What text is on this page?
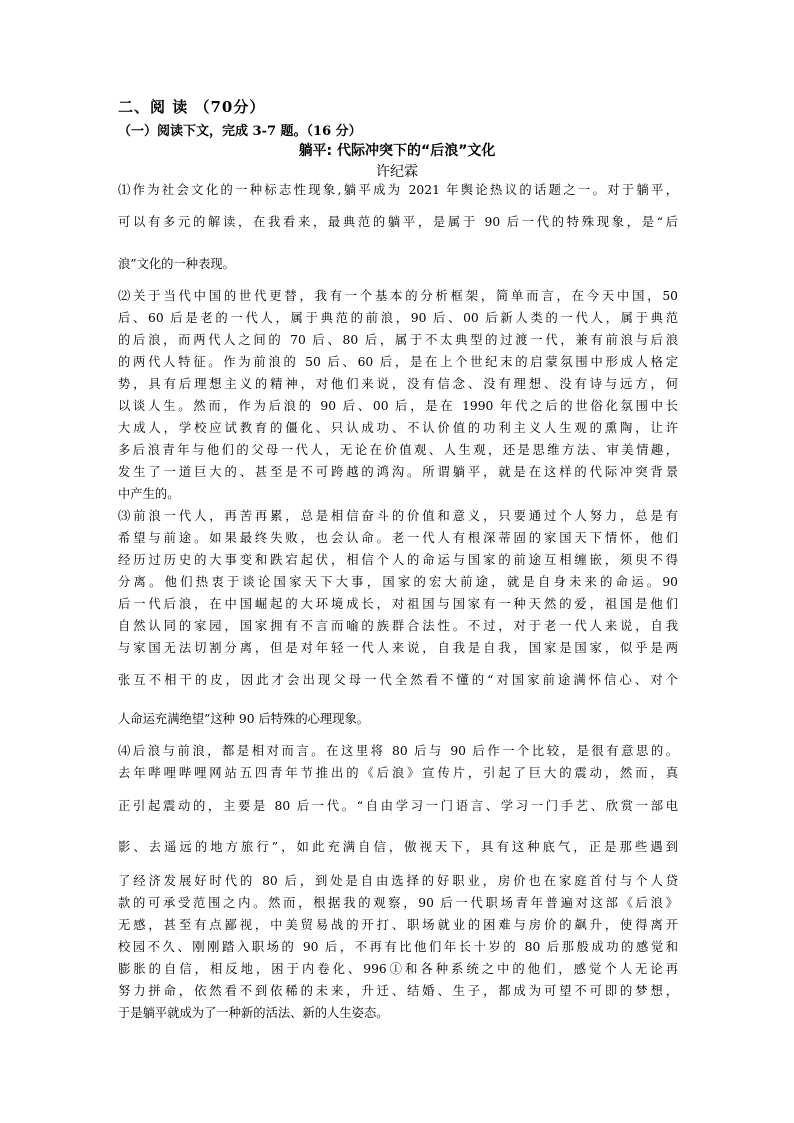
二、阅 读 （70分）
（一）阅读下文，完成 3-7 题。（16 分）
躺平: 代际冲突下的“后浪”文化
许纪霖

⑴作为社会文化的一种标志性现象,躺平成为 2021 年舆论热议的话题之一。对于躺平，

可以有多元的解读，在我看来，最典范的躺平，是属于 90 后一代的特殊现象，是“后

浪”文化的一种表现。

⑵关于当代中国的世代更替，我有一个基本的分析框架，简单而言，在今天中国，50

后、60 后是老的一代人，属于典范的前浪，90 后、00 后新人类的一代人，属于典范

的后浪，而两代人之间的 70 后、80 后，属于不太典型的过渡一代，兼有前浪与后浪

的两代人特征。作为前浪的 50 后、60 后，是在上个世纪末的启蒙氛围中形成人格定

势，具有后理想主义的精神，对他们来说，没有信念、没有理想、没有诗与远方，何

以谈人生。然而，作为后浪的 90 后、00 后，是在 1990 年代之后的世俗化氛围中长

大成人，学校应试教育的僵化、只认成功、不认价值的功利主义人生观的熏陶，让许

多后浪青年与他们的父母一代人，无论在价值观、人生观，还是思维方法、审美情趣，

发生了一道巨大的、甚至是不可跨越的鸿沟。所谓躺平，就是在这样的代际冲突背景

中产生的。

⑶前浪一代人，再苦再累，总是相信奋斗的价值和意义，只要通过个人努力，总是有

希望与前途。如果最终失败，也会认命。老一代人有根深蒂固的家国天下情怀，他们

经历过历史的大事变和跌宕起伏，相信个人的命运与国家的前途互相缠嵌，须臾不得

分离。他们热衷于谈论国家天下大事，国家的宏大前途，就是自身未来的命运。90

后一代后浪，在中国崛起的大环境成长，对祖国与国家有一种天然的爱，祖国是他们

自然认同的家园，国家拥有不言而喻的族群合法性。不过，对于老一代人来说，自我

与家国无法切割分离，但是对年轻一代人来说，自我是自我，国家是国家，似乎是两

张互不相干的皮，因此才会出现父母一代全然看不懂的“对国家前途满怀信心、对个

人命运充满绝望”这种 90 后特殊的心理现象。

⑷后浪与前浪，都是相对而言。在这里将 80 后与 90 后作一个比较，是很有意思的。

去年哔哩哔哩网站五四青年节推出的《后浪》宣传片，引起了巨大的震动，然而，真

正引起震动的，主要是 80 后一代。“自由学习一门语言、学习一门手艺、欣赏一部电

影、去遥远的地方旅行”，如此充满自信，傲视天下，具有这种底气，正是那些遇到

了经济发展好时代的 80 后，到处是自由选择的好职业，房价也在家庭首付与个人贷

款的可承受范围之内。然而，根据我的观察，90 后一代职场青年普遍对这部《后浪》

无感，甚至有点鄙视，中美贸易战的开打、职场就业的困难与房价的飙升，使得离开

校园不久、刚刚踏入职场的 90 后，不再有比他们年长十岁的 80 后那般成功的感觉和

膨胀的自信，相反地，困于内卷化、996①和各种系统之中的他们，感觉个人无论再

努力拼命，依然看不到依稀的未来，升迁、结婚、生子，都成为可望不可即的梦想，

于是躺平就成为了一种新的活法、新的人生姿态。
